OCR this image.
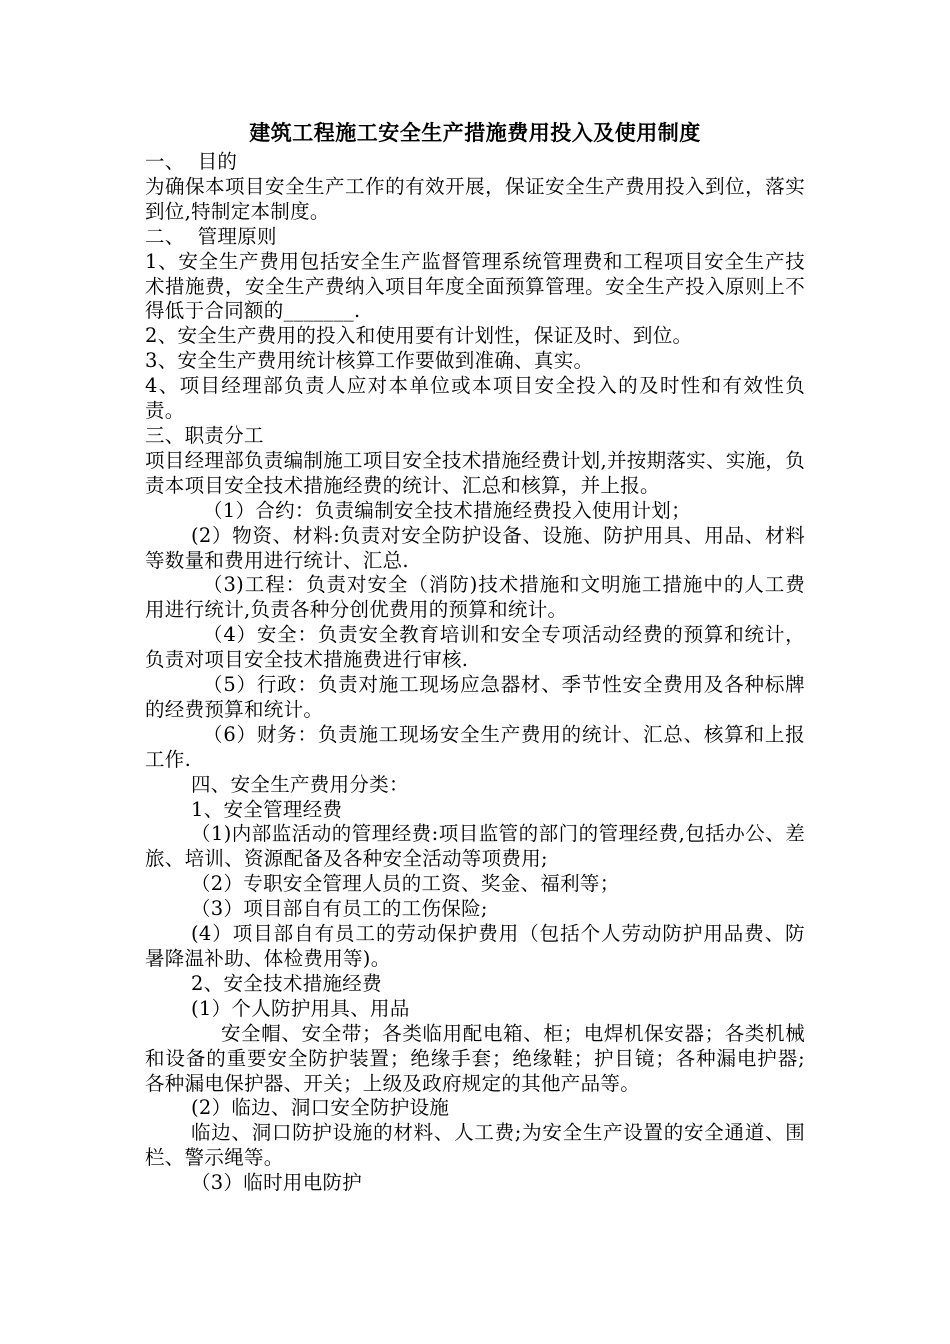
建筑工程施工安全生产措施费用投入及使用制度

一、  目的

为确保本项目安全生产工作的有效开展，保证安全生产费用投入到位，落实到位,特制定本制度。

二、  管理原则

1、安全生产费用包括安全生产监督管理系统管理费和工程项目安全生产技术措施费，安全生产费纳入项目年度全面预算管理。安全生产投入原则上不得低于合同额的_______.

2、安全生产费用的投入和使用要有计划性，保证及时、到位。

3、安全生产费用统计核算工作要做到准确、真实。

4、项目经理部负责人应对本单位或本项目安全投入的及时性和有效性负责。

三、职责分工

项目经理部负责编制施工项目安全技术措施经费计划,并按期落实、实施，负责本项目安全技术措施经费的统计、汇总和核算，并上报。

（1）合约：负责编制安全技术措施经费投入使用计划；

(2）物资、材料:负责对安全防护设备、设施、防护用具、用品、材料等数量和费用进行统计、汇总.

（3)工程：负责对安全（消防)技术措施和文明施工措施中的人工费用进行统计,负责各种分创优费用的预算和统计。

（4）安全：负责安全教育培训和安全专项活动经费的预算和统计，负责对项目安全技术措施费进行审核.

（5）行政：负责对施工现场应急器材、季节性安全费用及各种标牌的经费预算和统计。

（6）财务：负责施工现场安全生产费用的统计、汇总、核算和上报工作.

四、安全生产费用分类：

1、安全管理经费

（1)内部监活动的管理经费:项目监管的部门的管理经费,包括办公、差旅、培训、资源配备及各种安全活动等项费用;

（2）专职安全管理人员的工资、奖金、福利等；

（3）项目部自有员工的工伤保险;

(4）项目部自有员工的劳动保护费用（包括个人劳动防护用品费、防暑降温补助、体检费用等)。

2、安全技术措施经费

(1）个人防护用具、用品

安全帽、安全带；各类临用配电箱、柜；电焊机保安器；各类机械和设备的重要安全防护装置；绝缘手套；绝缘鞋；护目镜；各种漏电护器;各种漏电保护器、开关；上级及政府规定的其他产品等。

(2）临边、洞口安全防护设施

临边、洞口防护设施的材料、人工费;为安全生产设置的安全通道、围栏、警示绳等。

（3）临时用电防护
